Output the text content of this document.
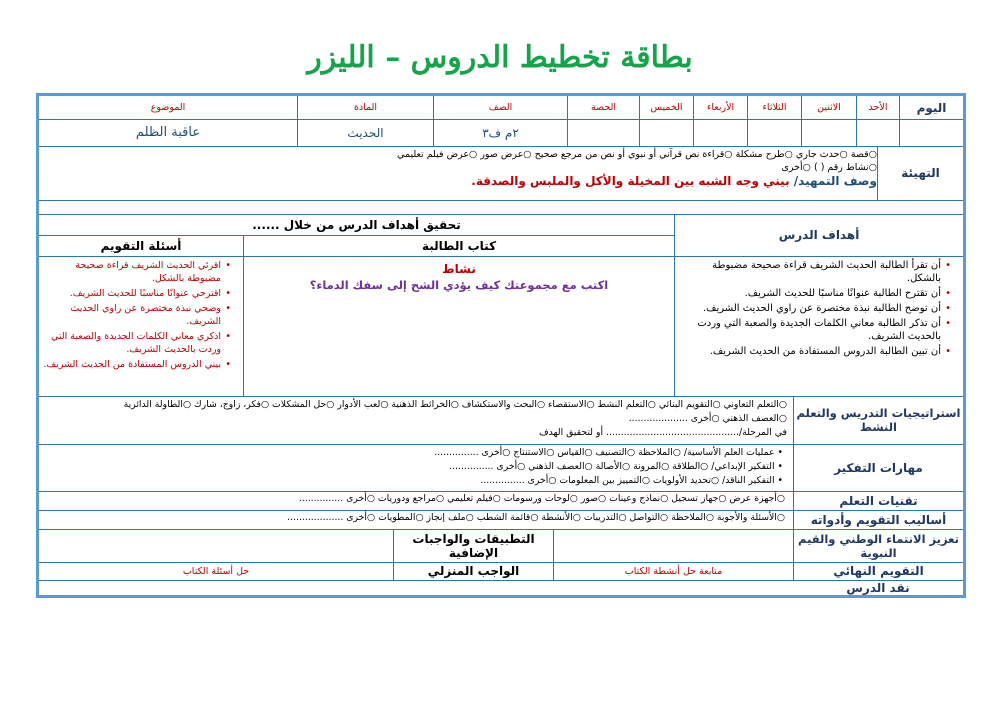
بطاقة تخطيط الدروس – الليزر
اليوم
الأحد
الاثنين
الثلاثاء
الأربعاء
الخميس
الحصة
الصف
المادة
الموضوع
٢م ف٣
الحديث
عاقبة الظلم
التهيئة
○قصة ○حدث جاري ○طرح مشكلة ○قراءة نص قرآني أو نبوي أو نص من مرجع صحيح ○عرض صور ○عرض فيلم تعليمي
○نشاط رقم ( ) ○أخرى
وصف التمهيد/ بيني وجه الشبه بين المخيلة والأكل والملبس والصدقة.
أهداف الدرس
تحقيق أهداف الدرس من خلال ......
كتاب الطالبة
أسئلة التقويم
• أن تقرأ الطالبة الحديث الشريف قراءة صحيحة مضبوطة بالشكل.
• أن تقترح الطالبة عنوانًا مناسبًا للحديث الشريف.
• أن توضح الطالبة نبذة مختصرة عن راوي الحديث الشريف.
• أن تذكر الطالبة معاني الكلمات الجديدة والصعبة التي وردت بالحديث الشريف.
• أن تبين الطالبة الدروس المستفادة من الحديث الشريف.
نشاط
اكتب مع مجموعتك كيف يؤدي الشح إلى سفك الدماء؟
• اقرئي الحديث الشريف قراءة صحيحة مضبوطة بالشكل.
• اقترحي عنوانًا مناسبًا للحديث الشريف.
• وضحي نبذة مختصرة عن راوي الحديث الشريف.
• اذكري معاني الكلمات الجديدة والصعبة التي وردت بالحديث الشريف.
• بيني الدروس المستفادة من الحديث الشريف.
استراتيجيات التدريس والتعلم النشط
○التعلم التعاوني ○التقويم البنائي ○التعلم النشط ○الاستقصاء ○البحث والاستكشاف ○الخرائط الذهنية ○لعب الأدوار ○حل المشكلات ○فكر، زاوج، شارك ○الطاولة الدائرية
○العصف الذهني ○أخرى ....................
في المرحلة/............................................. أو لتحقيق الهدف
مهارات التفكير
• عمليات العلم الأساسية/ ○الملاحظة ○التصنيف ○القياس ○الاستنتاج ○أخرى ...............
• التفكير الإبداعي/ ○الطلاقة ○المرونة ○الأصالة ○العصف الذهني ○أخرى ...............
• التفكير الناقد/ ○تحديد الأولويات ○التمييز بين المعلومات ○أخرى ...............
تقنيات التعلم
○أجهزة عرض ○جهاز تسجيل ○نماذج وعينات ○صور ○لوحات ورسومات ○فيلم تعليمي ○مراجع ودوريات ○أخرى ...............
أساليب التقويم وأدواته
○الأسئلة والأجوبة ○الملاحظة ○التواصل ○التدريبات ○الأنشطة ○قائمة الشطب ○ملف إنجاز ○المطويات ○أخرى ...................
تعزيز الانتماء الوطني والقيم النبوية
التطبيقات والواجبات الإضافية
التقويم النهائي
متابعة حل أنشطة الكتاب
الواجب المنزلي
حل أسئلة الكتاب
نقد الدرس
